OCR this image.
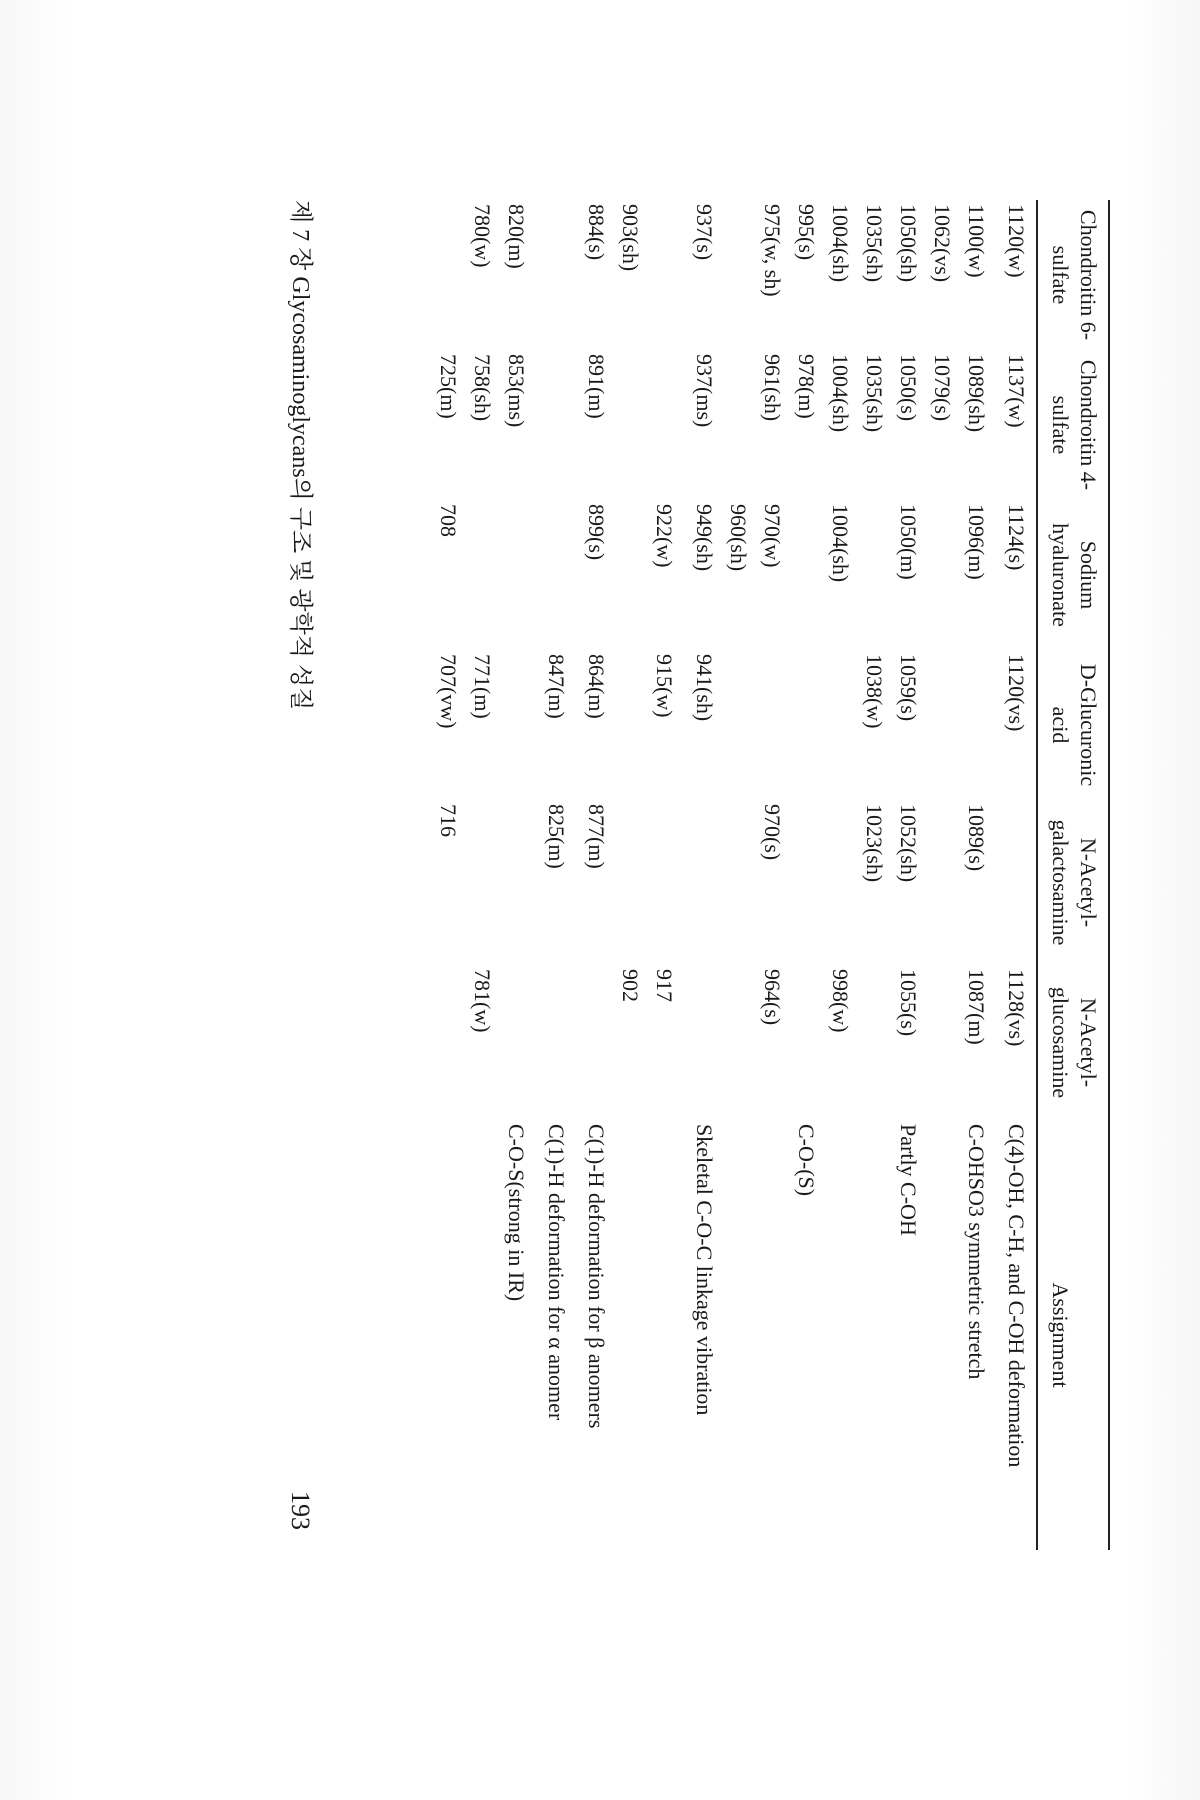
Chondroitin 6-sulfate	Chondroitin 4-sulfate	Sodium hyaluronate	D-Glucuronic acid	N-Acetyl-galactosamine	N-Acetyl-glucosamine	Assignment
1120(w)	1137(w)	1124(s)	1120(vs)		1128(vs)	C(4)-OH, C-H, and C-OH deformation

1100(w)	1089(sh)	1096(m)		1089(s)	1087(m)	C-OHSO3 symmetric stretch
1062(vs)	1079(s)					
1050(sh)	1050(s)	1050(m)	1059(s)	1052(sh)	1055(s)	Partly C-OH
1035(sh)	1035(sh)		1038(w)	1023(sh)		
1004(sh)	1004(sh)	1004(sh)			998(w)	
995(s)	978(m)					C-O-(S)
975(w, sh)	961(sh)	970(w)		970(s)	964(s)	
		960(sh)				
937(s)	937(ms)	949(sh)	941(sh)			Skeletal C-O-C linkage vibration

		922(w)	915(w)		917	
903(sh)					902	
884(s)	891(m)	899(s)	864(m)	877(m)		C(1)-H deformation for β anomers

			847(m)	825(m)		C(1)-H deformation for α anomer

820(m)	853(ms)					C-O-S(strong in IR)
780(w)	758(sh)		771(m)		781(w)	
	725(m)	708	707(vw)	716		
제 7 장 Glycosaminoglycans의 구조 및 광학적 성질
193
